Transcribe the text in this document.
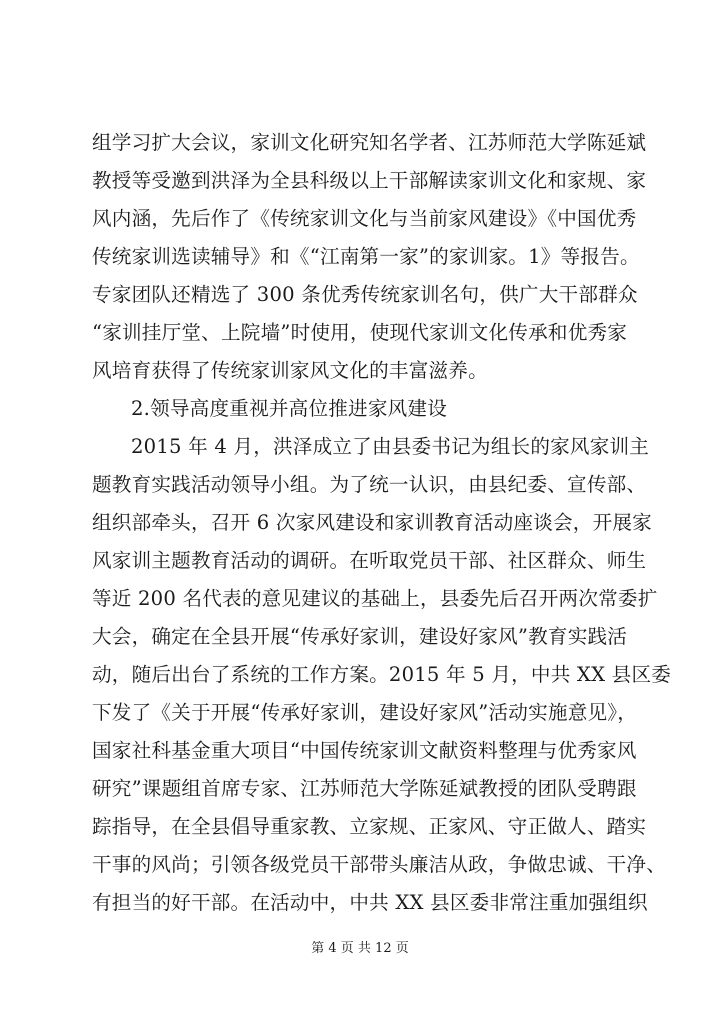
组学习扩大会议，家训文化研究知名学者、江苏师范大学陈延斌
教授等受邀到洪泽为全县科级以上干部解读家训文化和家规、家
风内涵，先后作了《传统家训文化与当前家风建设》《中国优秀
传统家训选读辅导》和《“江南第一家”的家训家。1》等报告。
专家团队还精选了 300 条优秀传统家训名句，供广大干部群众
“家训挂厅堂、上院墙”时使用，使现代家训文化传承和优秀家
风培育获得了传统家训家风文化的丰富滋养。
2.领导高度重视并高位推进家风建设
2015 年 4 月，洪泽成立了由县委书记为组长的家风家训主
题教育实践活动领导小组。为了统一认识，由县纪委、宣传部、
组织部牵头，召开 6 次家风建设和家训教育活动座谈会，开展家
风家训主题教育活动的调研。在听取党员干部、社区群众、师生
等近 200 名代表的意见建议的基础上，县委先后召开两次常委扩
大会，确定在全县开展“传承好家训，建设好家风”教育实践活
动，随后出台了系统的工作方案。2015 年 5 月，中共 XX 县区委
下发了《关于开展“传承好家训，建设好家风”活动实施意见》，
国家社科基金重大项目“中国传统家训文献资料整理与优秀家风
研究”课题组首席专家、江苏师范大学陈延斌教授的团队受聘跟
踪指导，在全县倡导重家教、立家规、正家风、守正做人、踏实
干事的风尚；引领各级党员干部带头廉洁从政，争做忠诚、干净、
有担当的好干部。在活动中，中共 XX 县区委非常注重加强组织
第 4 页 共 12 页
